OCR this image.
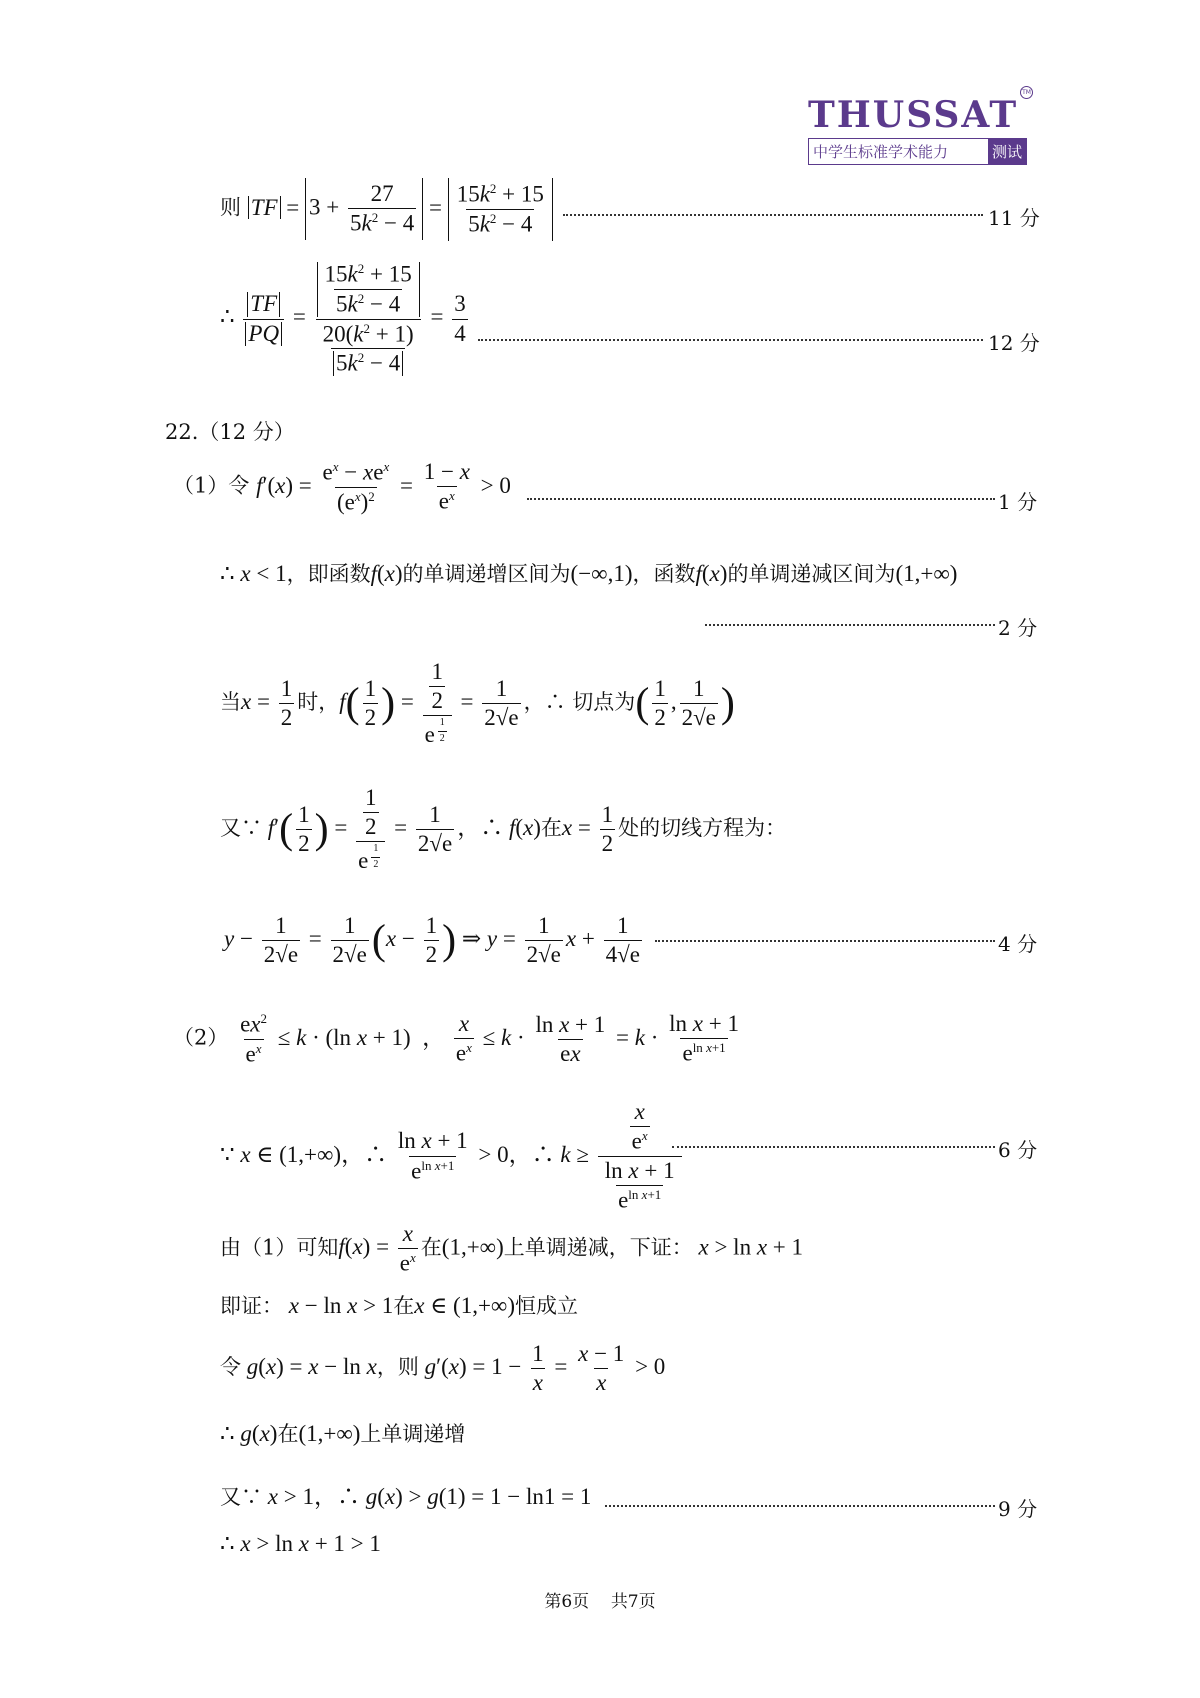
THUSSAT
中学生标准学术能力	测试
TM
则 TF = $3 + \frac{27}{5k^2 - 4} = \frac{15k^2 + 15}{5k^2 - 4}$	11 分
∴ $\frac{TF}{PQ} = \frac{\frac{15k^2 + 15}{5k^2 - 4}}{\frac{20(k^2 + 1)}{5k^2 - 4}} = \frac{3}{4}$	12 分
22.（12 分）
（1）令 $f'(x) = \frac{e^x - xe^x}{(e^x)^2} = \frac{1 - x}{e^x} > 0$
1 分
∴ x < 1，即函数f(x)的单调递增区间为(−∞,1)，函数f(x)的单调递减区间为(1,+∞)
2 分
当$x = \frac{1}{2}$ 时，$f( \frac{1}{2}$ ) = $\frac{1}{2}$
e $^{\frac{1}{2}} = \frac{1}{2√e}$ ，∴ 切点为( $\frac{1}{2}$ , $\frac{1}{2√e}$ )
又∵ $f'( \frac{1}{2}$ ) = $\frac{1}{2}$
e $^{\frac{1}{2}} = \frac{1}{2√e}$ ，∴ f(x)在$x = \frac{1}{2}$ 处的切线方程为：
$y - \frac{1}{2√e} = \frac{1}{2√e} (x - \frac{1}{2}$ ) ⇒ $y = \frac{1}{2√e}$ $x + \frac{1}{4√e}$	4 分
$(2) \frac{ex^2}{e^x} \le k \cdot (\ln$ x + 1)  ， $\frac{x}{e^x} \le k \cdot \frac{\text{ln x + 1}}{ex} = k \cdot \frac{\text{ln x + 1}}{e^{ln x+1}}$
∵ x ∈ (1,+∞)，∴ $\frac{\text{ln x + 1}}{e^{ln x+1}} > 0$，∴ $k \ge \frac{\frac{x}{e^x}}{\frac{\text{ln x + 1}}{e^{ln x+1}}}$	6 分
由（1）可知$f(x) = \frac{x}{e^x}$ 在(1,+∞)上单调递减，下证： x > ln x + 1
即证： x − ln x > 1在x ∈ (1,+∞)恒成立
令 g(x) = x − ln x，则 $g'(x) = 1 - \frac{1}{x} = \frac{x - 1}{x} > 0$
∴ g(x)在(1,+∞)上单调递增
又∵ x > 1，∴ g(x) > g(1) = 1 − ln1 = 1	9 分
∴ x > ln x + 1 > 1
第6页 共7页
